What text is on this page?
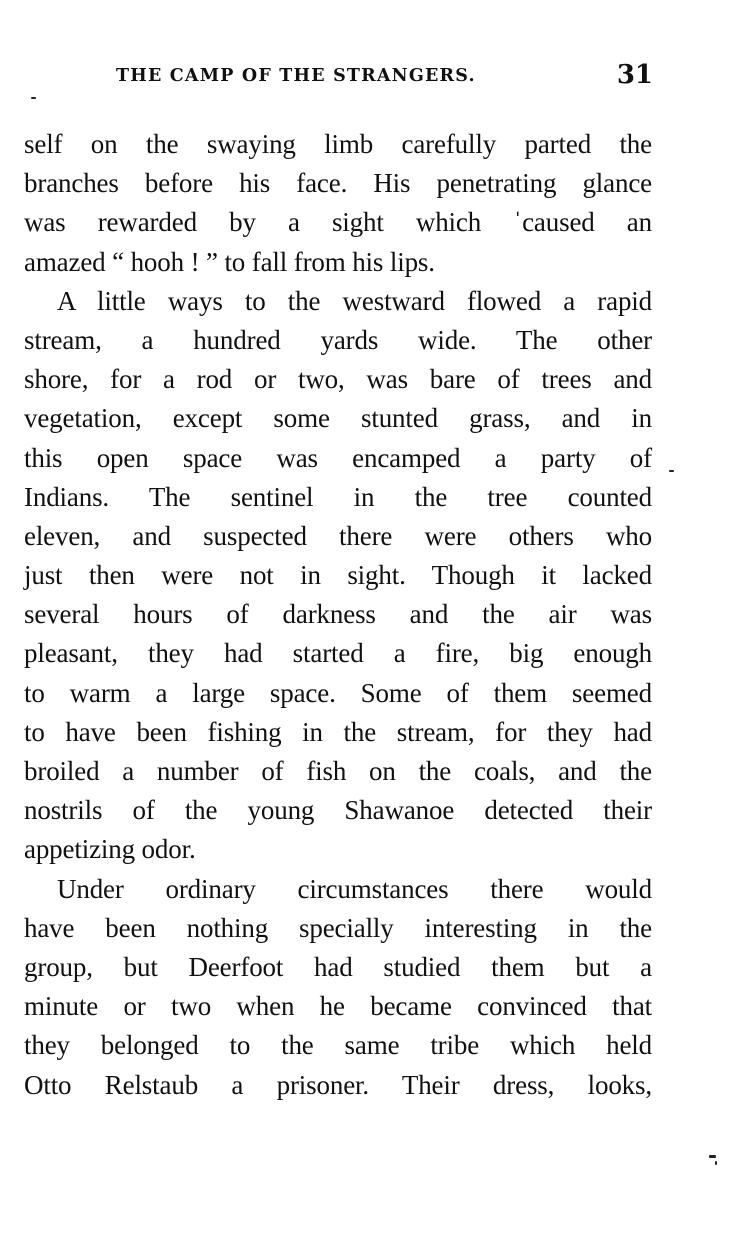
THE CAMP OF THE STRANGERS.	31
self on the swaying limb carefully parted the
branches before his face. His penetrating glance
was rewarded by a sight which ˈcaused an
amazed “ hooh ! ” to fall from his lips.
A little ways to the westward flowed a rapid
stream, a hundred yards wide. The other
shore, for a rod or two, was bare of trees and
vegetation, except some stunted grass, and in
this open space was encamped a party of
Indians. The sentinel in the tree counted
eleven, and suspected there were others who
just then were not in sight. Though it lacked
several hours of darkness and the air was
pleasant, they had started a fire, big enough
to warm a large space. Some of them seemed
to have been fishing in the stream, for they had
broiled a number of fish on the coals, and the
nostrils of the young Shawanoe detected their
appetizing odor.
Under ordinary circumstances there would
have been nothing specially interesting in the
group, but Deerfoot had studied them but a
minute or two when he became convinced that
they belonged to the same tribe which held
Otto Relstaub a prisoner. Their dress, looks,
